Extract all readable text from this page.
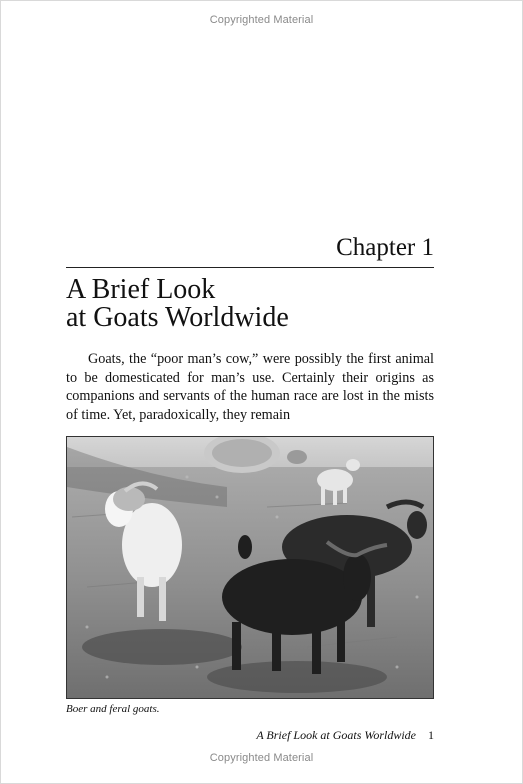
Copyrighted Material
Chapter 1
A Brief Look
at Goats Worldwide

Goats, the “poor man’s cow,” were possibly the first animal to be domesticated for man’s use. Certainly their origins as companions and servants of the human race are lost in the mists of time. Yet, paradoxically, they remain

Boer and feral goats.
A Brief Look at Goats Worldwide 1
Copyrighted Material
